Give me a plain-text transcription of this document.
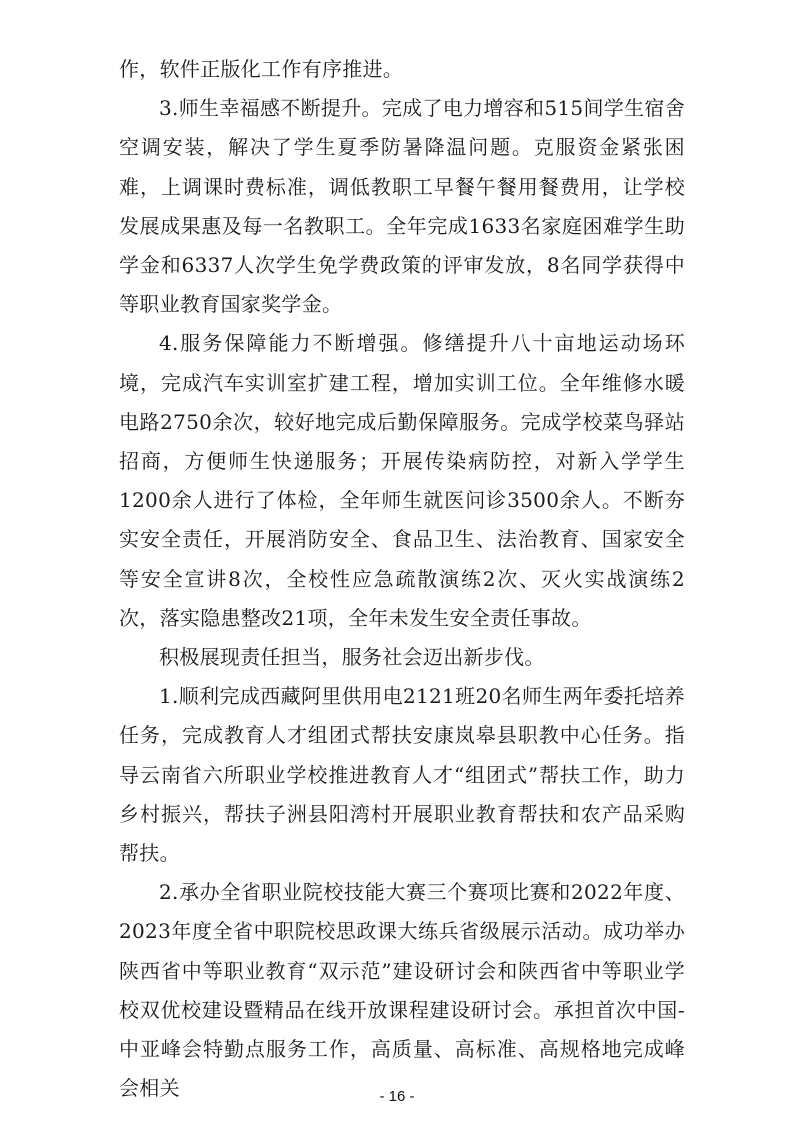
作，软件正版化工作有序推进。

3.师生幸福感不断提升。完成了电力增容和515间学生宿舍空调安装，解决了学生夏季防暑降温问题。克服资金紧张困难，上调课时费标准，调低教职工早餐午餐用餐费用，让学校发展成果惠及每一名教职工。全年完成1633名家庭困难学生助学金和6337人次学生免学费政策的评审发放，8名同学获得中等职业教育国家奖学金。

4.服务保障能力不断增强。修缮提升八十亩地运动场环境，完成汽车实训室扩建工程，增加实训工位。全年维修水暖电路2750余次，较好地完成后勤保障服务。完成学校菜鸟驿站招商，方便师生快递服务；开展传染病防控，对新入学学生1200余人进行了体检，全年师生就医问诊3500余人。不断夯实安全责任，开展消防安全、食品卫生、法治教育、国家安全等安全宣讲8次，全校性应急疏散演练2次、灭火实战演练2次，落实隐患整改21项，全年未发生安全责任事故。

积极展现责任担当，服务社会迈出新步伐。

1.顺利完成西藏阿里供用电2121班20名师生两年委托培养任务，完成教育人才组团式帮扶安康岚皋县职教中心任务。指导云南省六所职业学校推进教育人才“组团式”帮扶工作，助力乡村振兴，帮扶子洲县阳湾村开展职业教育帮扶和农产品采购帮扶。

2.承办全省职业院校技能大赛三个赛项比赛和2022年度、2023年度全省中职院校思政课大练兵省级展示活动。成功举办陕西省中等职业教育“双示范”建设研讨会和陕西省中等职业学校双优校建设暨精品在线开放课程建设研讨会。承担首次中国-中亚峰会特勤点服务工作，高质量、高标准、高规格地完成峰会相关	- 16 -
